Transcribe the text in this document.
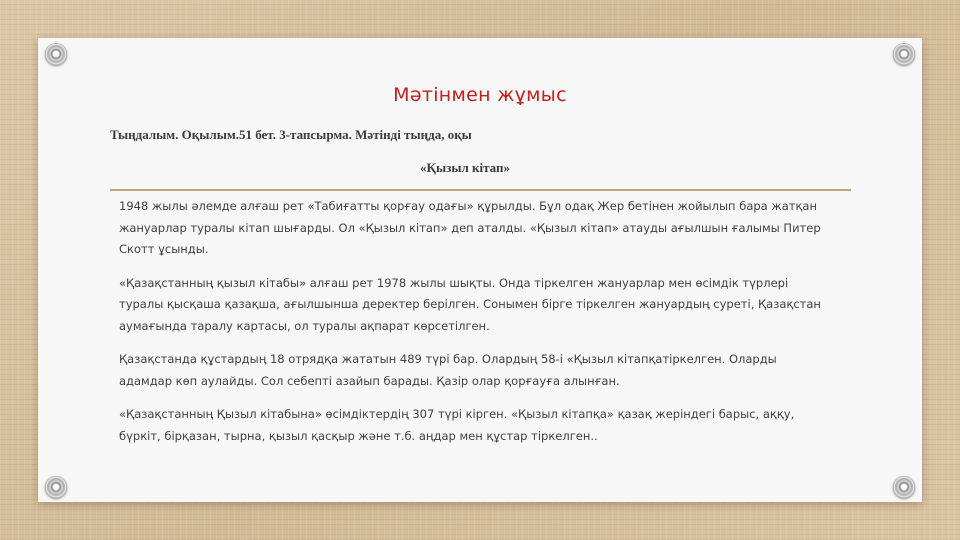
Мәтінмен жұмыс
Тыңдалым. Оқылым.51 бет. 3-тапсырма. Мәтінді тыңда, оқы
«Қызыл кітап»

1948 жылы әлемде алғаш рет «Табиғатты қорғау одағы» құрылды. Бұл одақ Жер бетінен жойылып бара жатқан
жануарлар туралы кітап шығарды. Ол «Қызыл кітап» деп аталды. «Қызыл кітап» атауды ағылшын ғалымы Питер
Скотт ұсынды.

«Қазақстанның қызыл кітабы» алғаш рет 1978 жылы шықты. Онда тіркелген жануарлар мен өсімдік түрлері
туралы қысқаша қазақша, ағылшынша деректер берілген. Сонымен бірге тіркелген жануардың суреті, Қазақстан
аумағында таралу картасы, ол туралы ақпарат көрсетілген.

Қазақстанда құстардың 18 отрядқа жататын 489 түрі бар. Олардың 58-і «Қызыл кітапқатіркелген. Оларды
адамдар көп аулайды. Сол себепті азайып барады. Қазір олар қорғауға алынған.

«Қазақстанның Қызыл кітабына» өсімдіктердің 307 түрі кірген. «Қызыл кітапқа» қазақ жеріндегі барыс, аққу,
бүркіт, бірқазан, тырна, қызыл қасқыр және т.б. аңдар мен құстар тіркелген..
